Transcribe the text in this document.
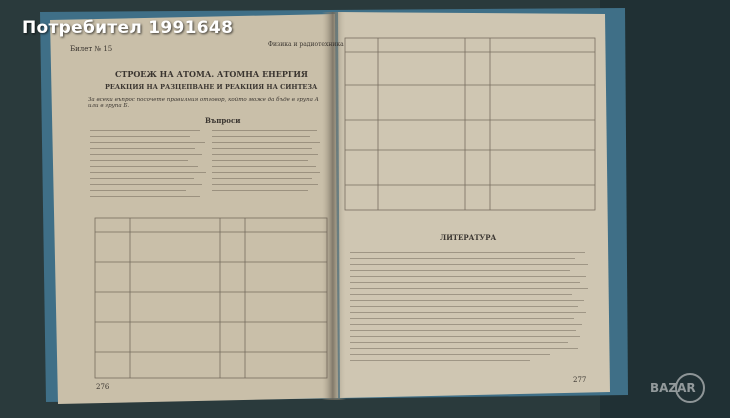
BAZAR
Потребител 1991648
Билет № 15
Физика и радиотехника
СТРОЕЖ НА АТОМА. АТОМНА ЕНЕРГИЯ
РЕАКЦИЯ НА РАЗЦЕПВАНЕ И РЕАКЦИЯ НА СИНТЕЗА
За всеки въпрос посочете правилния отговор, който може да бъде в група А или в група Б.
Въпроси
276
ЛИТЕРАТУРА
277
